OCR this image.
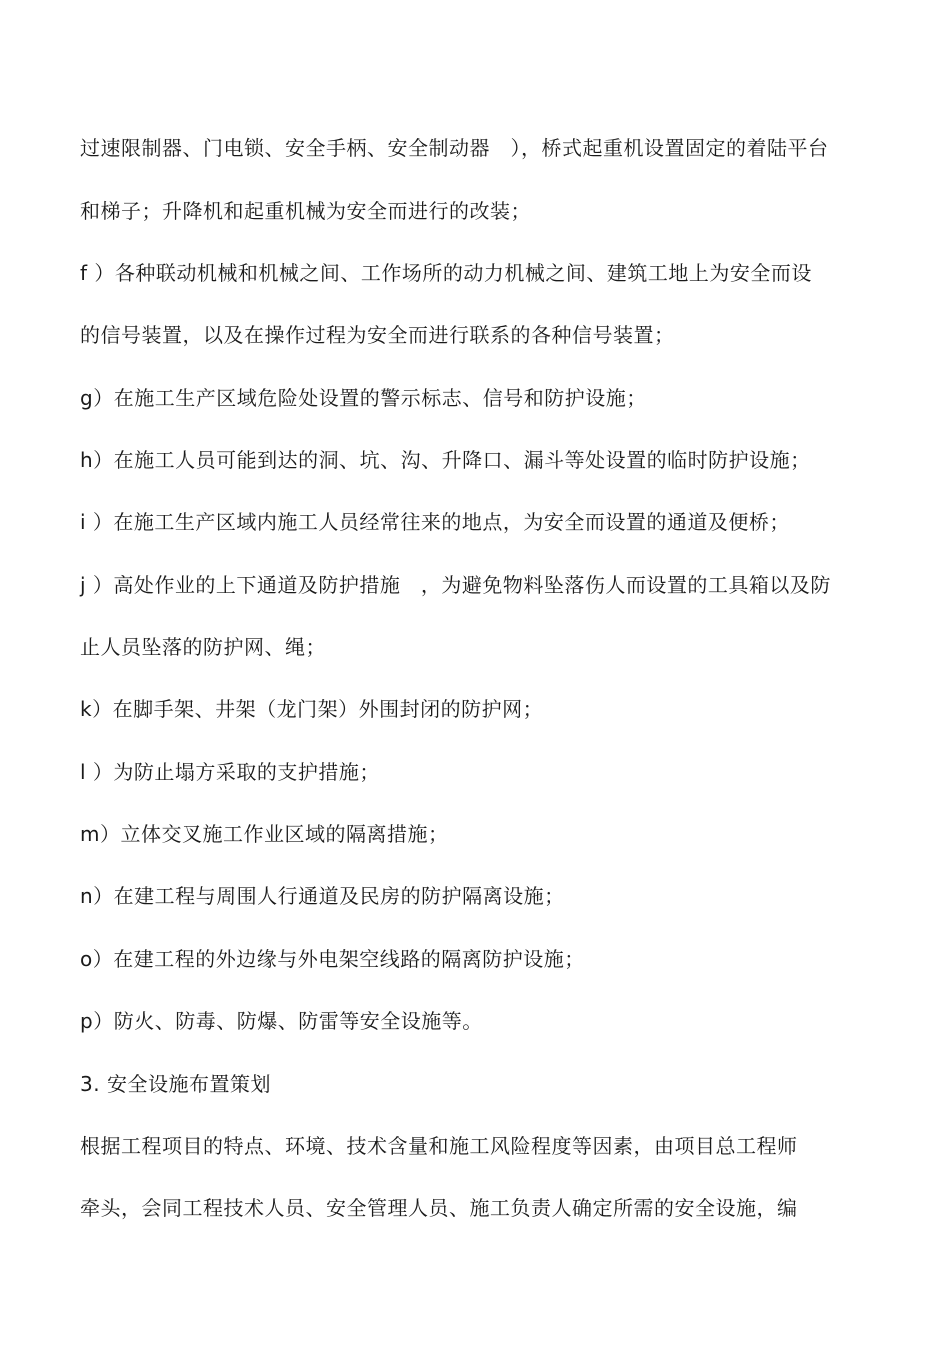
过速限制器、门电锁、安全手柄、安全制动器　），桥式起重机设置固定的着陆平台
和梯子；升降机和起重机械为安全而进行的改装；
f ）各种联动机械和机械之间、工作场所的动力机械之间、建筑工地上为安全而设
的信号装置，以及在操作过程为安全而进行联系的各种信号装置；
g）在施工生产区域危险处设置的警示标志、信号和防护设施；
h）在施工人员可能到达的洞、坑、沟、升降口、漏斗等处设置的临时防护设施；
i ）在施工生产区域内施工人员经常往来的地点，为安全而设置的通道及便桥；
j ）高处作业的上下通道及防护措施　，为避免物料坠落伤人而设置的工具箱以及防
止人员坠落的防护网、绳；
k）在脚手架、井架（龙门架）外围封闭的防护网；
l ）为防止塌方采取的支护措施；
m）立体交叉施工作业区域的隔离措施；
n）在建工程与周围人行通道及民房的防护隔离设施；
o）在建工程的外边缘与外电架空线路的隔离防护设施；
p）防火、防毒、防爆、防雷等安全设施等。
3. 安全设施布置策划
根据工程项目的特点、环境、技术含量和施工风险程度等因素，由项目总工程师
牵头，会同工程技术人员、安全管理人员、施工负责人确定所需的安全设施，编
